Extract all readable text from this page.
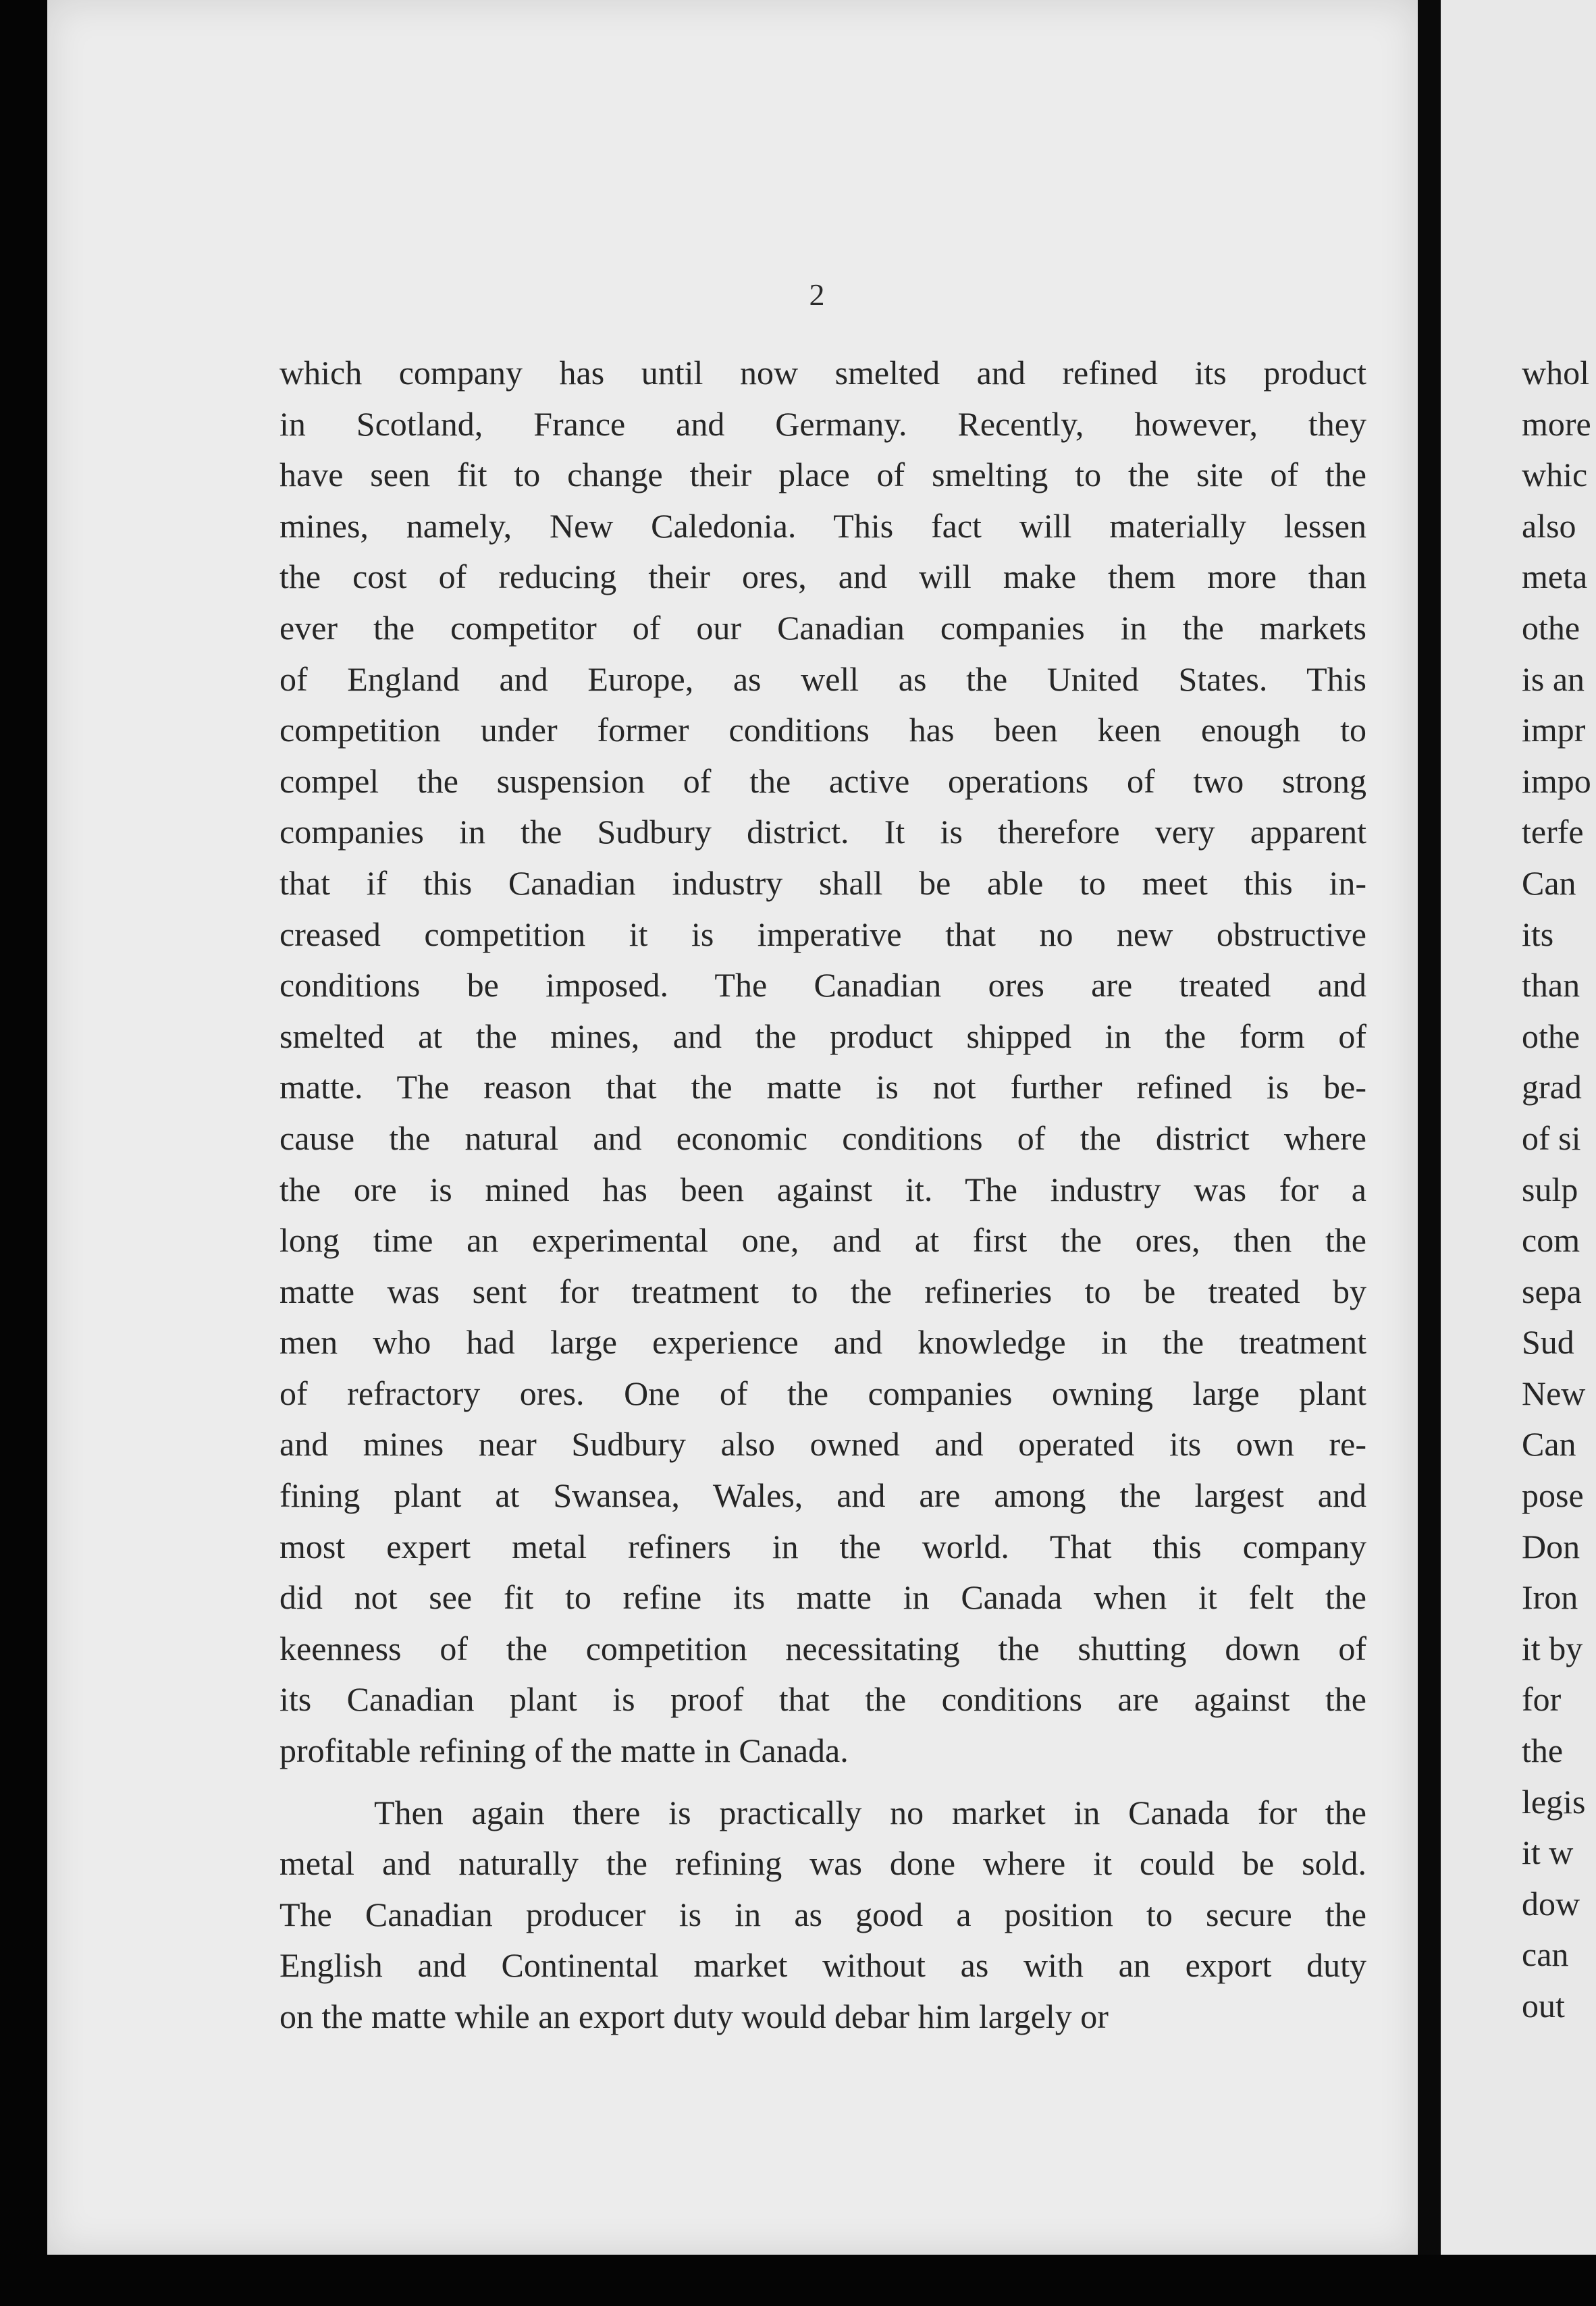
2
which company has until now smelted and refined its product
in Scotland, France and Germany. Recently, however, they
have seen fit to change their place of smelting to the site of the
mines, namely, New Caledonia. This fact will materially lessen
the cost of reducing their ores, and will make them more than
ever the competitor of our Canadian companies in the markets
of England and Europe, as well as the United States. This
competition under former conditions has been keen enough to
compel the suspension of the active operations of two strong
companies in the Sudbury district. It is therefore very apparent
that if this Canadian industry shall be able to meet this in-
creased competition it is imperative that no new obstructive
conditions be imposed. The Canadian ores are treated and
smelted at the mines, and the product shipped in the form of
matte. The reason that the matte is not further refined is be-
cause the natural and economic conditions of the district where
the ore is mined has been against it. The industry was for a
long time an experimental one, and at first the ores, then the
matte was sent for treatment to the refineries to be treated by
men who had large experience and knowledge in the treatment
of refractory ores. One of the companies owning large plant
and mines near Sudbury also owned and operated its own re-
fining plant at Swansea, Wales, and are among the largest and
most expert metal refiners in the world. That this company
did not see fit to refine its matte in Canada when it felt the
keenness of the competition necessitating the shutting down of
its Canadian plant is proof that the conditions are against the
profitable refining of the matte in Canada.
Then again there is practically no market in Canada for the
metal and naturally the refining was done where it could be sold.
The Canadian producer is in as good a position to secure the
English and Continental market without as with an export duty
on the matte while an export duty would debar him largely or
whol
more
whic
also
meta
othe
is an
impr
impo
terfe
Can
its
than
othe
grad
of si
sulp
com
sepa
Sud
New
Can
pose
Don
Iron
it by
for
the
legis
it w
dow
can
out
